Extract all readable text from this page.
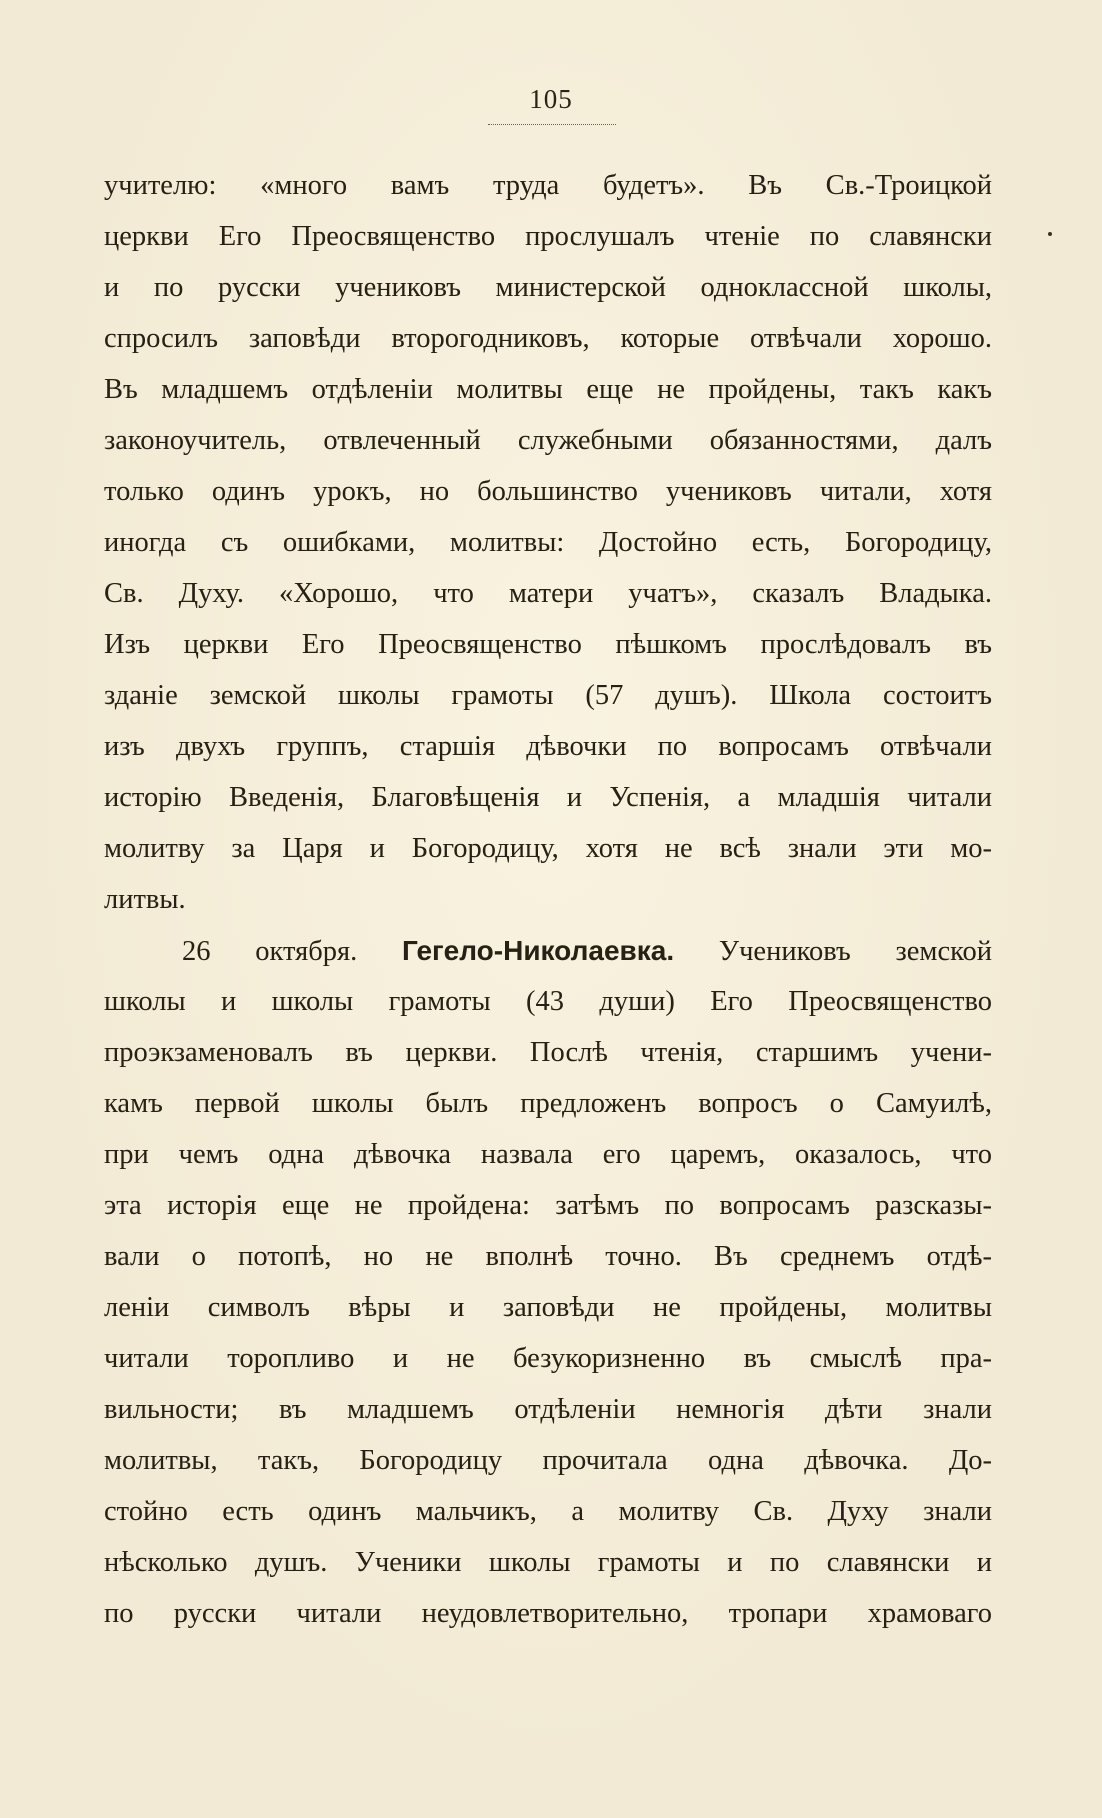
105
учителю: «много вамъ труда будетъ». Въ Св.-Троицкой
церкви Его Преосвященство прослушалъ чтеніе по славянски
и по русски учениковъ министерской одноклассной школы,
спросилъ заповѣди второгодниковъ, которые отвѣчали хорошо.
Въ младшемъ отдѣленіи молитвы еще не пройдены, такъ какъ
законоучитель, отвлеченный служебными обязанностями, далъ
только одинъ урокъ, но большинство учениковъ читали, хотя
иногда съ ошибками, молитвы: Достойно есть, Богородицу,
Св. Духу. «Хорошо, что матери учатъ», сказалъ Владыка.
Изъ церкви Его Преосвященство пѣшкомъ прослѣдовалъ въ
зданіе земской школы грамоты (57 душъ). Школа состоитъ
изъ двухъ группъ, старшія дѣвочки по вопросамъ отвѣчали
исторію Введенія, Благовѣщенія и Успенія, а младшія читали
молитву за Царя и Богородицу, хотя не всѣ знали эти мо-
литвы.
26 октября. Гегело-Николаевка. Учениковъ земской
школы и школы грамоты (43 души) Его Преосвященство
проэкзаменовалъ въ церкви. Послѣ чтенія, старшимъ учени-
камъ первой школы былъ предложенъ вопросъ о Самуилѣ,
при чемъ одна дѣвочка назвала его царемъ, оказалось, что
эта исторія еще не пройдена: затѣмъ по вопросамъ разсказы-
вали о потопѣ, но не вполнѣ точно. Въ среднемъ отдѣ-
леніи символъ вѣры и заповѣди не пройдены, молитвы
читали торопливо и не безукоризненно въ смыслѣ пра-
вильности; въ младшемъ отдѣленіи немногія дѣти знали
молитвы, такъ, Богородицу прочитала одна дѣвочка. До-
стойно есть одинъ мальчикъ, а молитву Св. Духу знали
нѣсколько душъ. Ученики школы грамоты и по славянски и
по русски читали неудовлетворительно, тропари храмоваго
